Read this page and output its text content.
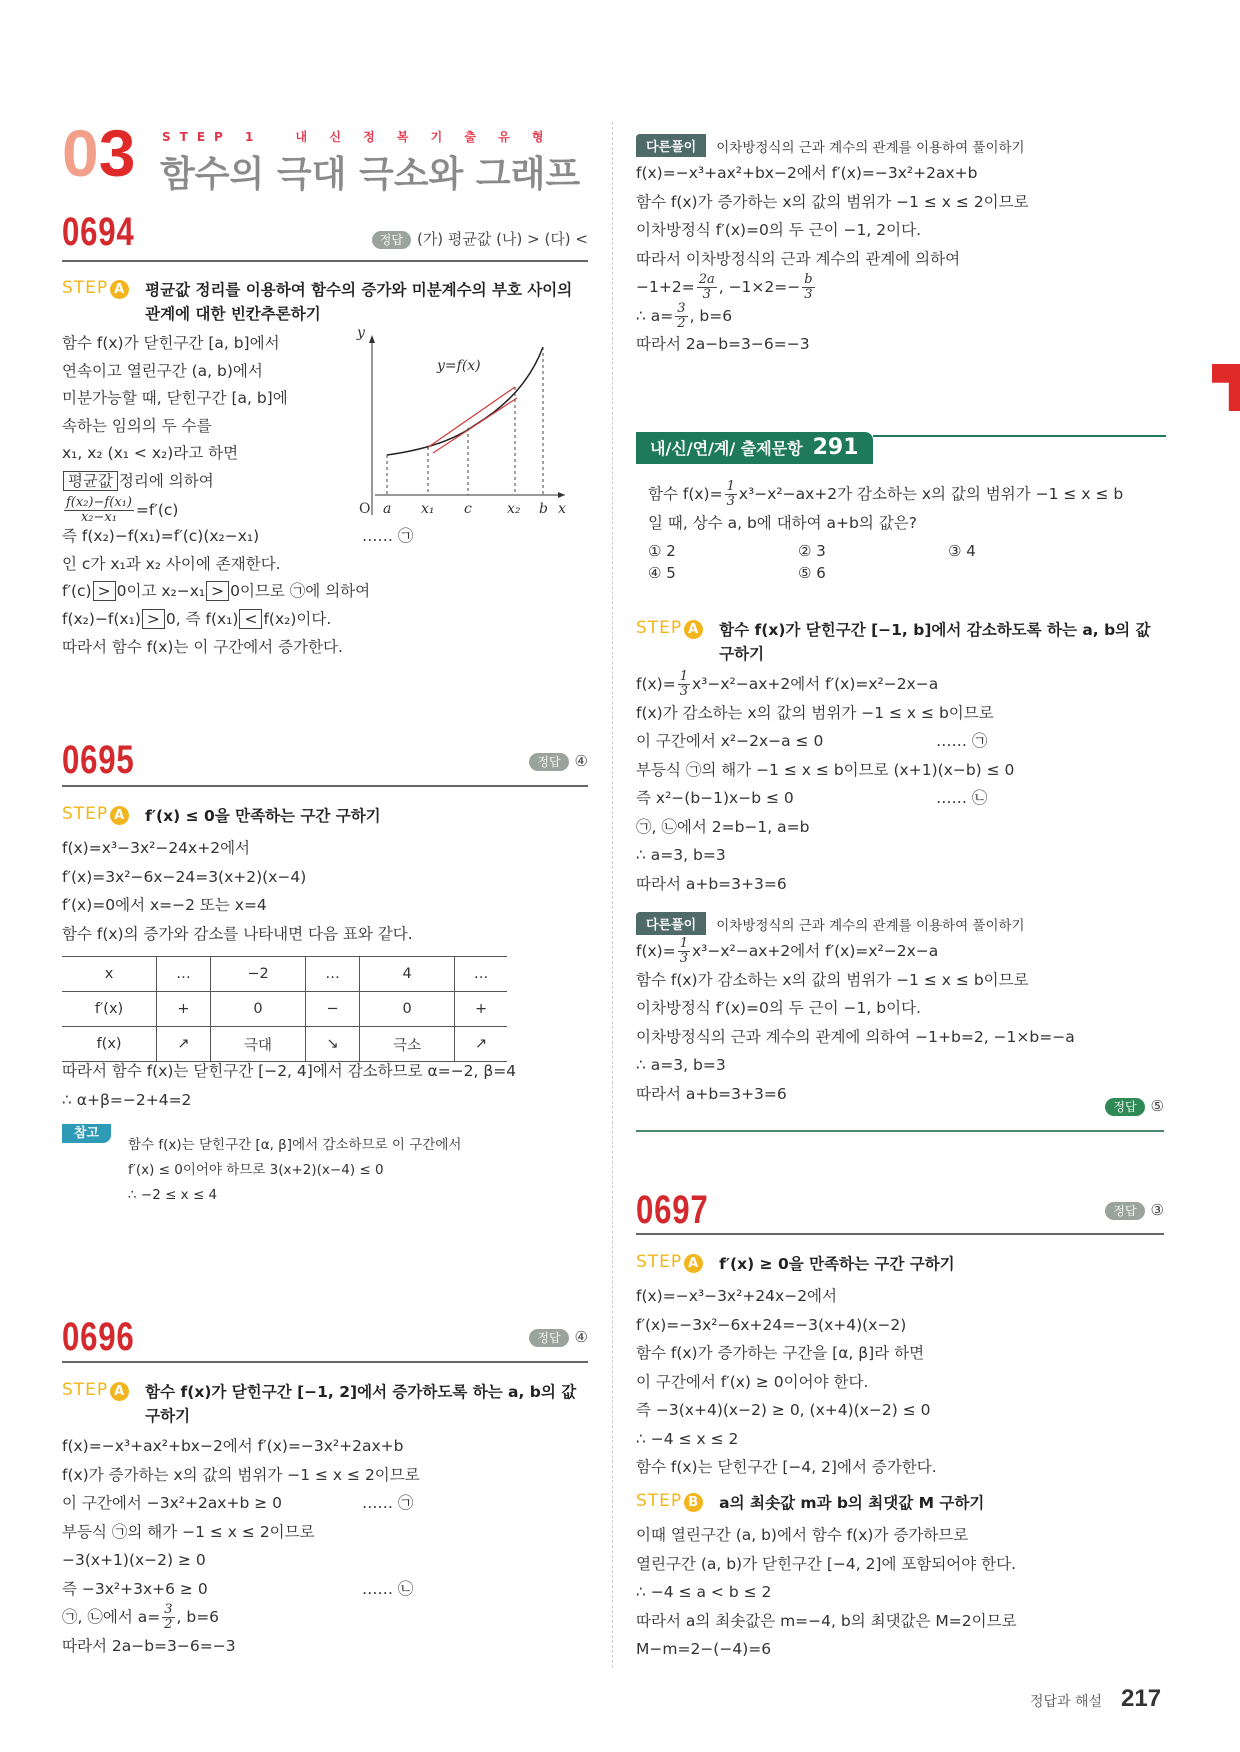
03 STEP 1	내 신 정 복 기 출 유 형
함수의 극대 극소와 그래프
0694	정답 (가) 평균값 (나) > (다) <
STEP A 평균값 정리를 이용하여 함수의 증가와 미분계수의 부호 사이의 관계에 대한 빈칸추론하기
함수 f(x)가 닫힌구간 [a, b]에서
연속이고 열린구간 (a, b)에서
미분가능할 때, 닫힌구간 [a, b]에
속하는 임의의 두 수를
x₁, x₂ (x₁ < x₂)라고 하면
평균값 정리에 의하여
$\frac{\text{f(x₂)−f(x₁)}}{\text{x₂−x₁}} =f'(c)$
즉 f(x₂)−f(x₁)=f′(c)(x₂−x₁)	…… ㉠
인 c가 x₁과 x₂ 사이에 존재한다.
f′(c) > 0이고 x₂−x₁ > 0이므로 ㉠에 의하여
f(x₂)−f(x₁) > 0, 즉 f(x₁) < f(x₂)이다.
따라서 함수 f(x)는 이 구간에서 증가한다.
y
y=f(x)
O a x₁ c	x₂ b x
0695	정답 ④
STEP A f′(x) ≤ 0을 만족하는 구간 구하기
f(x)=x³−3x²−24x+2에서
f′(x)=3x²−6x−24=3(x+2)(x−4)
f′(x)=0에서 x=−2 또는 x=4
함수 f(x)의 증가와 감소를 나타내면 다음 표와 같다.
x	…	−2	…	4	…
f′(x)	+	0	−	0	+
f(x)	↗	극대	↘	극소	↗
따라서 함수 f(x)는 닫힌구간 [−2, 4]에서 감소하므로 α=−2, β=4
∴ α+β=−2+4=2
참고
함수 f(x)는 닫힌구간 [α, β]에서 감소하므로 이 구간에서
f′(x) ≤ 0이어야 하므로 3(x+2)(x−4) ≤ 0
∴ −2 ≤ x ≤ 4
0696	정답 ④
STEP A 함수 f(x)가 닫힌구간 [−1, 2]에서 증가하도록 하는 a, b의 값 구하기
f(x)=−x³+ax²+bx−2에서 f′(x)=−3x²+2ax+b
f(x)가 증가하는 x의 값의 범위가 −1 ≤ x ≤ 2이므로
이 구간에서 −3x²+2ax+b ≥ 0	…… ㉠
부등식 ㉠의 해가 −1 ≤ x ≤ 2이므로
−3(x+1)(x−2) ≥ 0
즉 −3x²+3x+6 ≥ 0	…… ㉡
㉠, ㉡에서 $a= \frac{3}{2}$ , b=6
따라서 2a−b=3−6=−3
다른풀이	이차방정식의 근과 계수의 관계를 이용하여 풀이하기
f(x)=−x³+ax²+bx−2에서 f′(x)=−3x²+2ax+b
함수 f(x)가 증가하는 x의 값의 범위가 −1 ≤ x ≤ 2이므로
이차방정식 f′(x)=0의 두 근이 −1, 2이다.
따라서 이차방정식의 근과 계수의 관계에 의하여
$-1+2= \frac{2a}{3}$ , $-1\times 2=- \frac{b}{3}$
∴ $a= \frac{3}{2}$ , b=6
따라서 2a−b=3−6=−3
내/신/연/계/ 출제문항 291
함수 $f(x)= \frac{1}{3} x^3-x^2-ax+2$가 감소하는 x의 값의 범위가 −1 ≤ x ≤ b
일 때, 상수 a, b에 대하여 a+b의 값은?
① 2	② 3	③ 4
④ 5	⑤ 6
STEP A 함수 f(x)가 닫힌구간 [−1, b]에서 감소하도록 하는 a, b의 값 구하기
$f(x)= \frac{1}{3} x^3-x^2-ax+2$에서 f′(x)=x²−2x−a
f(x)가 감소하는 x의 값의 범위가 −1 ≤ x ≤ b이므로
이 구간에서 x²−2x−a ≤ 0	…… ㉠
부등식 ㉠의 해가 −1 ≤ x ≤ b이므로 (x+1)(x−b) ≤ 0
즉 x²−(b−1)x−b ≤ 0	…… ㉡
㉠, ㉡에서 2=b−1, a=b
∴ a=3, b=3
따라서 a+b=3+3=6
다른풀이	이차방정식의 근과 계수의 관계를 이용하여 풀이하기
$f(x)= \frac{1}{3} x^3-x^2-ax+2$에서 f′(x)=x²−2x−a
함수 f(x)가 감소하는 x의 값의 범위가 −1 ≤ x ≤ b이므로
이차방정식 f′(x)=0의 두 근이 −1, b이다.
이차방정식의 근과 계수의 관계에 의하여 −1+b=2, −1×b=−a
∴ a=3, b=3
따라서 a+b=3+3=6
정답 ⑤
0697	정답 ③
STEP A f′(x) ≥ 0을 만족하는 구간 구하기
f(x)=−x³−3x²+24x−2에서
f′(x)=−3x²−6x+24=−3(x+4)(x−2)
함수 f(x)가 증가하는 구간을 [α, β]라 하면
이 구간에서 f′(x) ≥ 0이어야 한다.
즉 −3(x+4)(x−2) ≥ 0, (x+4)(x−2) ≤ 0
∴ −4 ≤ x ≤ 2
함수 f(x)는 닫힌구간 [−4, 2]에서 증가한다.
STEP B a의 최솟값 m과 b의 최댓값 M 구하기
이때 열린구간 (a, b)에서 함수 f(x)가 증가하므로
열린구간 (a, b)가 닫힌구간 [−4, 2]에 포함되어야 한다.
∴ −4 ≤ a < b ≤ 2
따라서 a의 최솟값은 m=−4, b의 최댓값은 M=2이므로
M−m=2−(−4)=6
정답과 해설 217
